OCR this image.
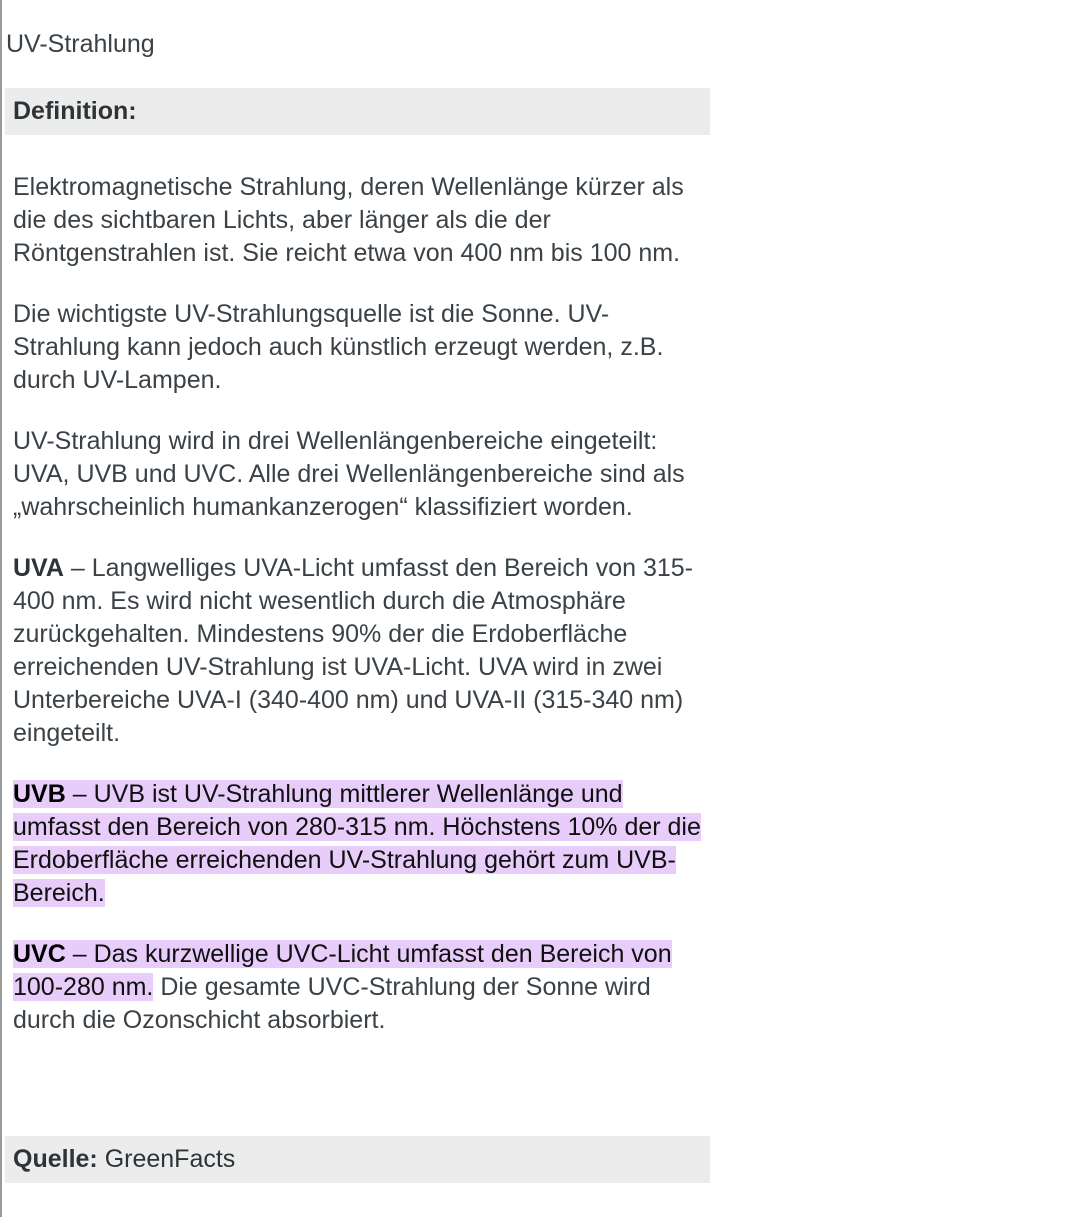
UV-Strahlung
Definition:

Elektromagnetische Strahlung, deren Wellenlänge kürzer als die des sichtbaren Lichts, aber länger als die der Röntgenstrahlen ist. Sie reicht etwa von 400 nm bis 100 nm.

Die wichtigste UV-Strahlungsquelle ist die Sonne. UV-Strahlung kann jedoch auch künstlich erzeugt werden, z.B. durch UV-Lampen.

UV-Strahlung wird in drei Wellenlängenbereiche eingeteilt: UVA, UVB und UVC. Alle drei Wellenlängenbereiche sind als „wahrscheinlich humankanzerogen“ klassifiziert worden.

UVA – Langwelliges UVA-Licht umfasst den Bereich von 315-400 nm. Es wird nicht wesentlich durch die Atmosphäre zurückgehalten. Mindestens 90% der die Erdoberfläche erreichenden UV-Strahlung ist UVA-Licht. UVA wird in zwei Unterbereiche UVA-I (340-400 nm) und UVA-II (315-340 nm) eingeteilt.

UVB – UVB ist UV-Strahlung mittlerer Wellenlänge und umfasst den Bereich von 280-315 nm. Höchstens 10% der die Erdoberfläche erreichenden UV-Strahlung gehört zum UVB-Bereich.

UVC – Das kurzwellige UVC-Licht umfasst den Bereich von 100-280 nm. Die gesamte UVC-Strahlung der Sonne wird durch die Ozonschicht absorbiert.

Quelle: GreenFacts
